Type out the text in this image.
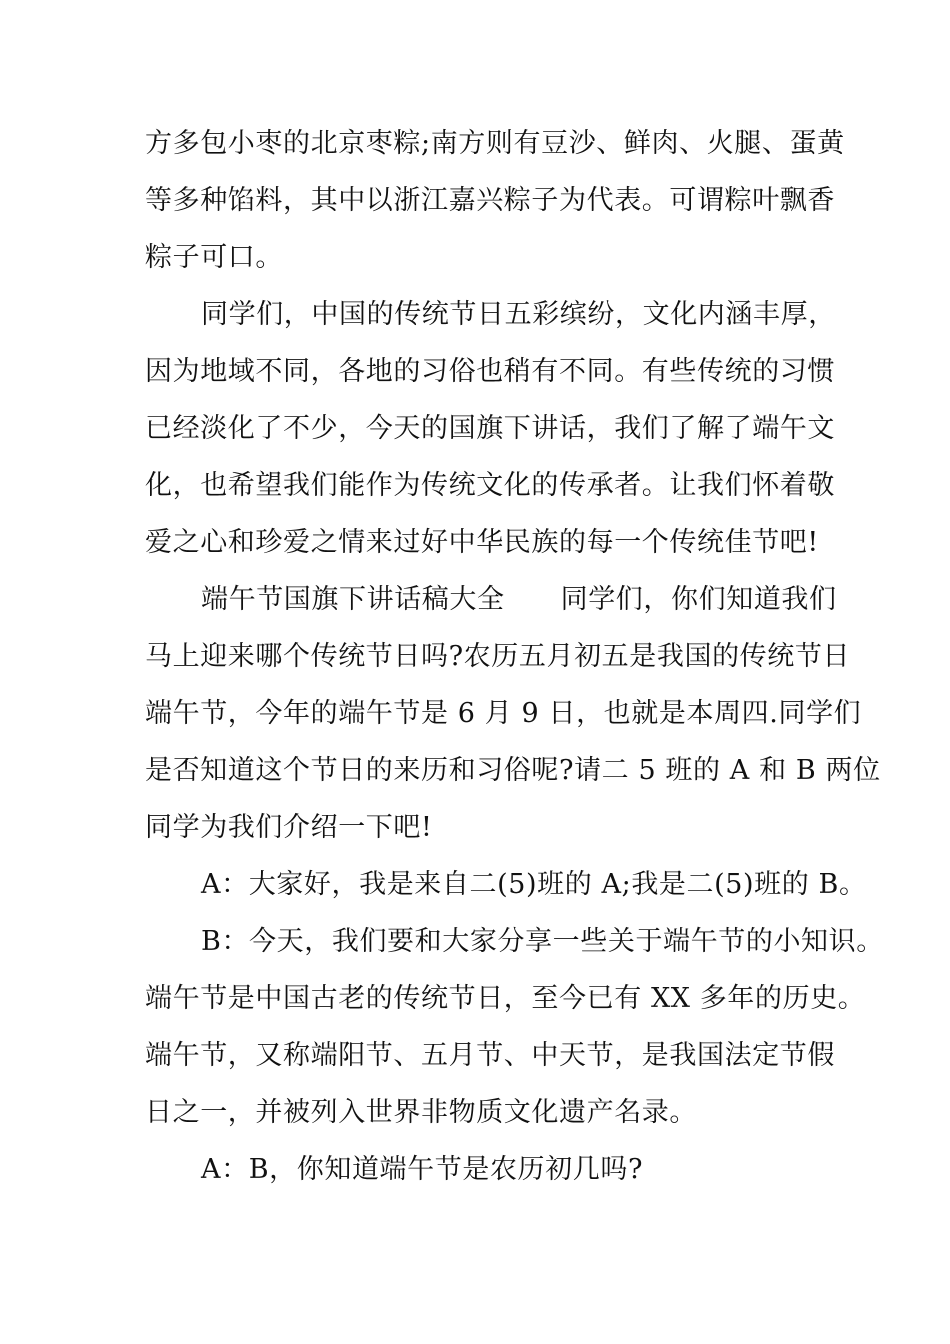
方多包小枣的北京枣粽;南方则有豆沙、鲜肉、火腿、蛋黄
等多种馅料，其中以浙江嘉兴粽子为代表。可谓粽叶飘香
粽子可口。
同学们，中国的传统节日五彩缤纷，文化内涵丰厚，
因为地域不同，各地的习俗也稍有不同。有些传统的习惯
已经淡化了不少，今天的国旗下讲话，我们了解了端午文
化，也希望我们能作为传统文化的传承者。让我们怀着敬
爱之心和珍爱之情来过好中华民族的每一个传统佳节吧!
端午节国旗下讲话稿大全 同学们，你们知道我们
马上迎来哪个传统节日吗?农历五月初五是我国的传统节日
端午节，今年的端午节是 6 月 9 日，也就是本周四.同学们
是否知道这个节日的来历和习俗呢?请二 5 班的 A 和 B 两位
同学为我们介绍一下吧!
A：大家好，我是来自二(5)班的 A;我是二(5)班的 B。
B：今天，我们要和大家分享一些关于端午节的小知识。
端午节是中国古老的传统节日，至今已有 XX 多年的历史。
端午节，又称端阳节、五月节、中天节，是我国法定节假
日之一，并被列入世界非物质文化遗产名录。
A：B，你知道端午节是农历初几吗?
